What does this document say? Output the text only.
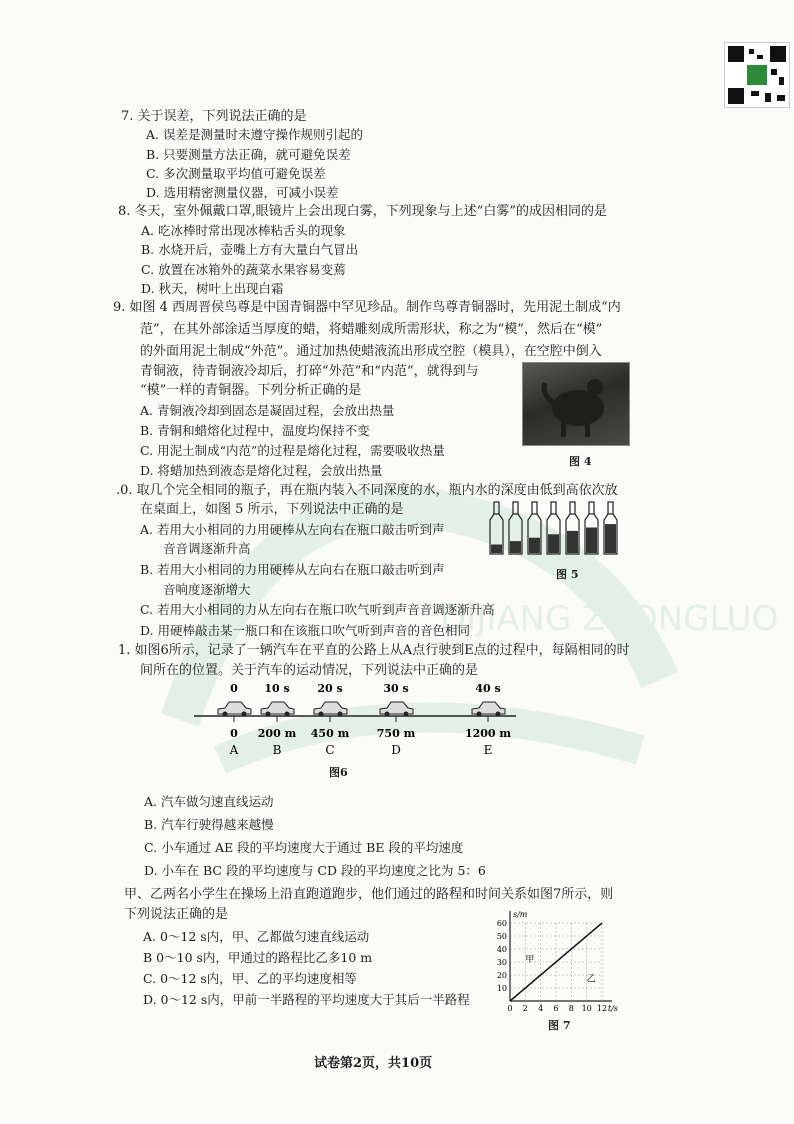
DIJIANG ZHONGLUO
7. 关于误差，下列说法正确的是
A. 误差是测量时未遵守操作规则引起的
B. 只要测量方法正确，就可避免误差
C. 多次测量取平均值可避免误差
D. 选用精密测量仪器，可减小误差
8. 冬天，室外佩戴口罩,眼镜片上会出现白雾，下列现象与上述“白雾”的成因相同的是
A. 吃冰棒时常出现冰棒粘舌头的现象
B. 水烧开后，壶嘴上方有大量白气冒出
C. 放置在冰箱外的蔬菜水果容易变蔫
D. 秋天，树叶上出现白霜
9. 如图 4 西周晋侯鸟尊是中国青铜器中罕见珍品。制作鸟尊青铜器时，先用泥土制成“内
范”，在其外部涂适当厚度的蜡，将蜡雕刻成所需形状，称之为“模”，然后在“模”
的外面用泥土制成“外范”。通过加热使蜡液流出形成空腔（模具），在空腔中倒入
青铜液，待青铜液冷却后，打碎“外范”和“内范”，就得到与
“模”一样的青铜器。下列分析正确的是
A. 青铜液冷却到固态是凝固过程，会放出热量
B. 青铜和蜡熔化过程中，温度均保持不变
C. 用泥土制成“内范”的过程是熔化过程，需要吸收热量
D. 将蜡加热到液态是熔化过程，会放出热量
图 4
.0. 取几个完全相同的瓶子，再在瓶内装入不同深度的水，瓶内水的深度由低到高依次放
在桌面上，如图 5 所示，下列说法中正确的是
A. 若用大小相同的力用硬棒从左向右在瓶口敲击听到声
音音调逐渐升高
B. 若用大小相同的力用硬棒从左向右在瓶口敲击听到声
音响度逐渐增大
C. 若用大小相同的力从左向右在瓶口吹气听到声音音调逐渐升高
D. 用硬棒敲击某一瓶口和在该瓶口吹气听到声音的音色相同
图 5
1. 如图6所示，记录了一辆汽车在平直的公路上从A点行驶到E点的过程中，每隔相同的时
间所在的位置。关于汽车的运动情况，下列说法中正确的是
0
0
A
10 s
200 m
B
20 s
450 m
C
30 s
750 m
D
40 s
1200 m
E
图6
A. 汽车做匀速直线运动
B. 汽车行驶得越来越慢
C. 小车通过 AE 段的平均速度大于通过 BE 段的平均速度
D. 小车在 BC 段的平均速度与 CD 段的平均速度之比为 5：6
甲、乙两名小学生在操场上沿直跑道跑步，他们通过的路程和时间关系如图7所示，则
下列说法正确的是
A. 0～12 s内，甲、乙都做匀速直线运动
B 0～10 s内，甲通过的路程比乙多10 m
C. 0～12 s内，甲、乙的平均速度相等
D. 0～12 s内，甲前一半路程的平均速度大于其后一半路程
s/m
t/s
0 2 4 6 8 10 12
10
20
30
40
50
60
甲
乙
图 7
试卷第2页，共10页
